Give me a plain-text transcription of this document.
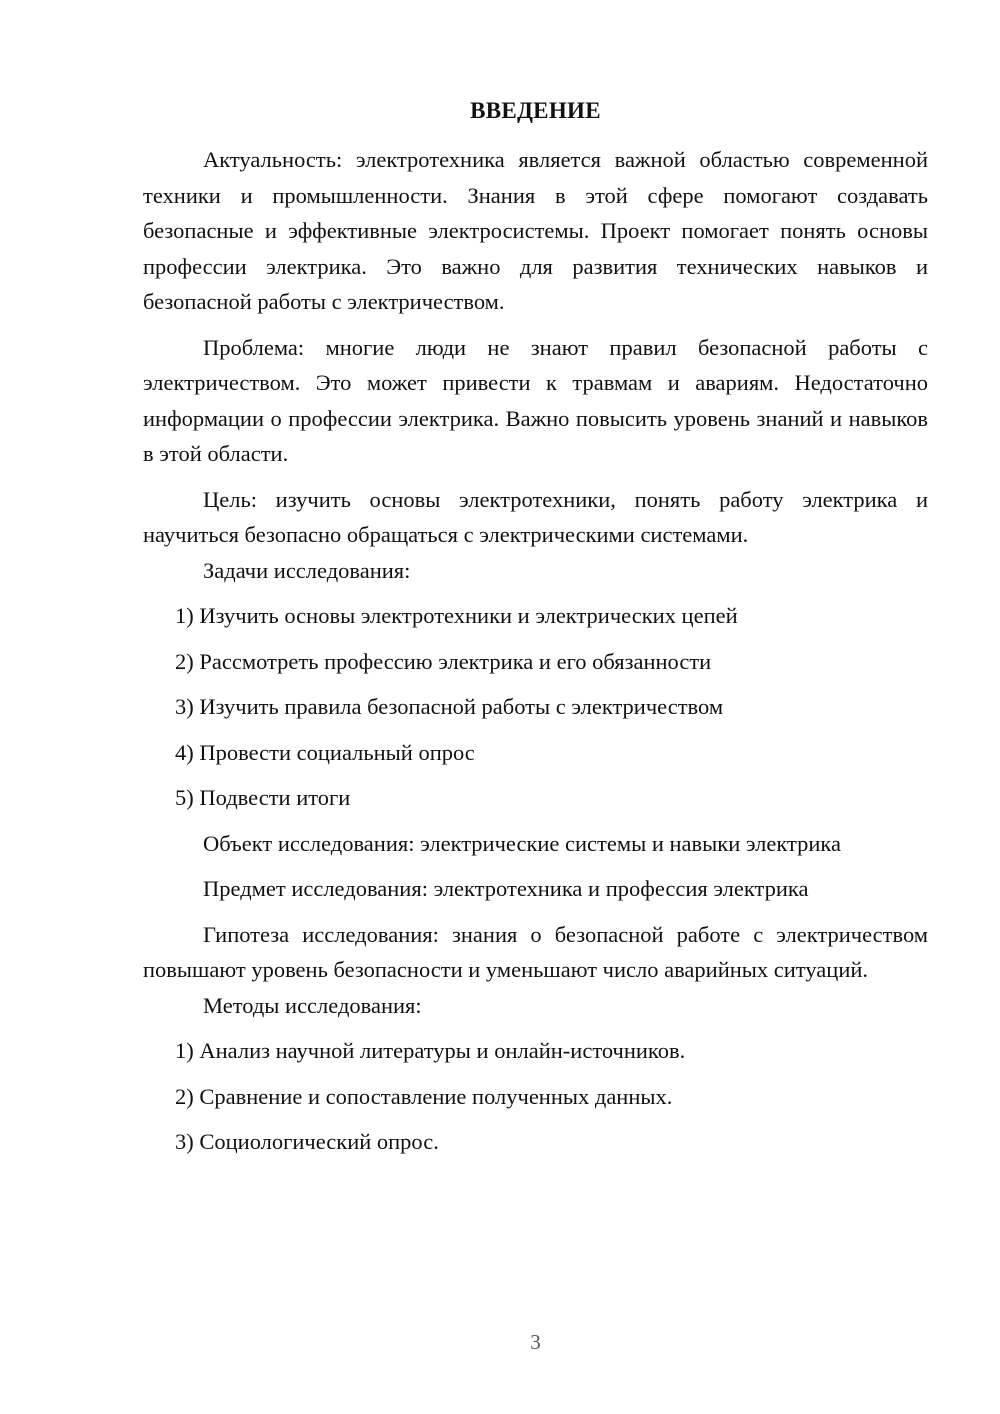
ВВЕДЕНИЕ

Актуальность: электротехника является важной областью современной техники и промышленности. Знания в этой сфере помогают создавать безопасные и эффективные электросистемы. Проект помогает понять основы профессии электрика. Это важно для развития технических навыков и безопасной работы с электричеством.

Проблема: многие люди не знают правил безопасной работы с электричеством. Это может привести к травмам и авариям. Недостаточно информации о профессии электрика. Важно повысить уровень знаний и навыков в этой области.

Цель: изучить основы электротехники, понять работу электрика и научиться безопасно обращаться с электрическими системами.

Задачи исследования:

1) Изучить основы электротехники и электрических цепей

2) Рассмотреть профессию электрика и его обязанности

3) Изучить правила безопасной работы с электричеством

4) Провести социальный опрос

5) Подвести итоги

Объект исследования: электрические системы и навыки электрика

Предмет исследования: электротехника и профессия электрика

Гипотеза исследования: знания о безопасной работе с электричеством повышают уровень безопасности и уменьшают число аварийных ситуаций.

Методы исследования:

1) Анализ научной литературы и онлайн-источников.

2) Сравнение и сопоставление полученных данных.

3) Социологический опрос.

3
